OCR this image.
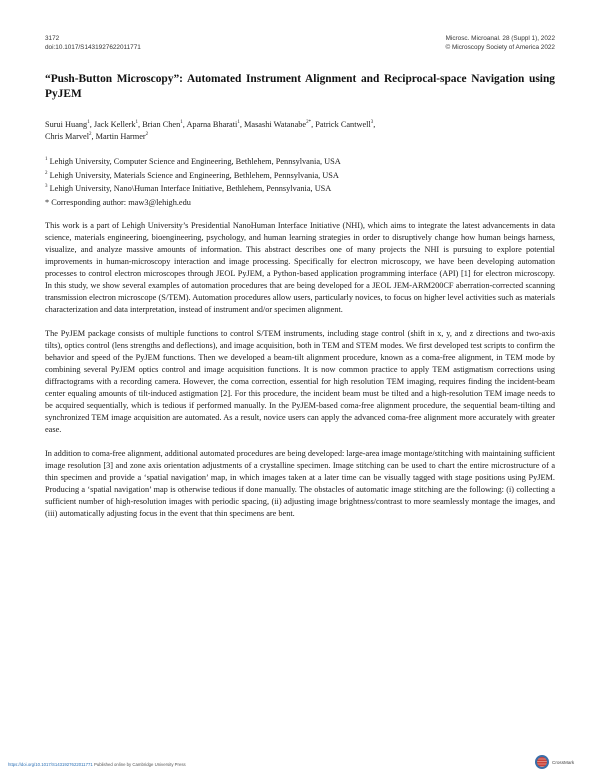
3172
doi:10.1017/S1431927622011771
Microsc. Microanal. 28 (Suppl 1), 2022
© Microscopy Society of America 2022
“Push-Button Microscopy”: Automated Instrument Alignment and Reciprocal-space Navigation using PyJEM
Surui Huang$^1$, Jack Kellerk$^1$, Brian Chen$^1$, Aparna Bharati$^1$, Masashi Watanabe$^{2*}$, Patrick Cantwell$^3$,
Chris Marvel$^2$, Martin Harmer$^2$
$^1$ Lehigh University, Computer Science and Engineering, Bethlehem, Pennsylvania, USA
$^2$ Lehigh University, Materials Science and Engineering, Bethlehem, Pennsylvania, USA
$^3$ Lehigh University, Nano\Human Interface Initiative, Bethlehem, Pennsylvania, USA
* Corresponding author: maw3@lehigh.edu

This work is a part of Lehigh University’s Presidential NanoHuman Interface Initiative (NHI), which aims to integrate the latest advancements in data science, materials engineering, bioengineering, psychology, and human learning strategies in order to disruptively change how human beings harness, visualize, and analyze massive amounts of information. This abstract describes one of many projects the NHI is pursuing to explore potential improvements in human-microscopy interaction and image processing. Specifically for electron microscopy, we have been developing automation processes to control electron microscopes through JEOL PyJEM, a Python-based application programming interface (API) [1] for electron microscopy. In this study, we show several examples of automation procedures that are being developed for a JEOL JEM-ARM200CF aberration-corrected scanning transmission electron microscope (S/TEM). Automation procedures allow users, particularly novices, to focus on higher level activities such as materials characterization and data interpretation, instead of instrument and/or specimen alignment.

The PyJEM package consists of multiple functions to control S/TEM instruments, including stage control (shift in x, y, and z directions and two-axis tilts), optics control (lens strengths and deflections), and image acquisition, both in TEM and STEM modes. We first developed test scripts to confirm the behavior and speed of the PyJEM functions. Then we developed a beam-tilt alignment procedure, known as a coma-free alignment, in TEM mode by combining several PyJEM optics control and image acquisition functions. It is now common practice to apply TEM astigmatism corrections using diffractograms with a recording camera. However, the coma correction, essential for high resolution TEM imaging, requires finding the incident-beam center equaling amounts of tilt-induced astigmation [2]. For this procedure, the incident beam must be tilted and a high-resolution TEM image needs to be acquired sequentially, which is tedious if performed manually. In the PyJEM-based coma-free alignment procedure, the sequential beam-tilting and synchronized TEM image acquisition are automated. As a result, novice users can apply the advanced coma-free alignment more accurately with greater ease.

In addition to coma-free alignment, additional automated procedures are being developed: large-area image montage/stitching with maintaining sufficient image resolution [3] and zone axis orientation adjustments of a crystalline specimen. Image stitching can be used to chart the entire microstructure of a thin specimen and provide a ‘spatial navigation’ map, in which images taken at a later time can be visually tagged with stage positions using PyJEM. Producing a ‘spatial navigation’ map is otherwise tedious if done manually. The obstacles of automatic image stitching are the following: (i) collecting a sufficient number of high-resolution images with periodic spacing, (ii) adjusting image brightness/contrast to more seamlessly montage the images, and (iii) automatically adjusting focus in the event that thin specimens are bent.

https://doi.org/10.1017/S1431927622011771 Published online by Cambridge University Press	CrossMark
